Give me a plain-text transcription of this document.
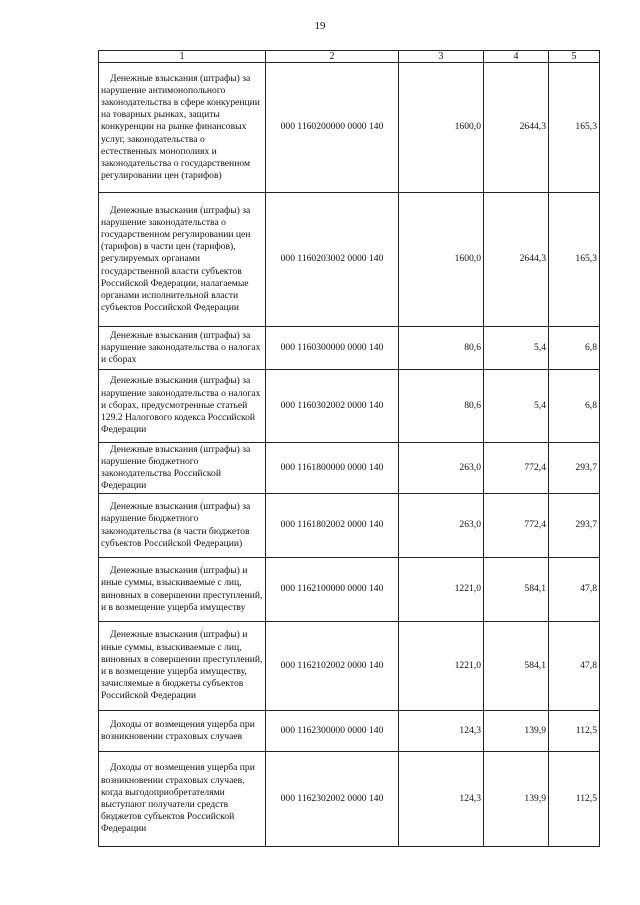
19
1	2	3	4	5
Денежные взыскания (штрафы) за нарушение антимонопольного законодательства в сфере конкуренции на товарных рынках, защиты конкуренции на рынке финансовых услуг, законодательства о естественных монополиях и законодательства о государственном регулировании цен (тарифов)	000 1160200000 0000 140	1600,0	2644,3	165,3
Денежные взыскания (штрафы) за нарушение законодательства о государственном регулировании цен (тарифов) в части цен (тарифов), регулируемых органами государственной власти субъектов Российской Федерации, налагаемые органами исполнительной власти субъектов Российской Федерации	000 1160203002 0000 140	1600,0	2644,3	165,3
Денежные взыскания (штрафы) за нарушение законодательства о налогах и сборах	000 1160300000 0000 140	80,6	5,4	6,8
Денежные взыскания (штрафы) за нарушение законодательства о налогах и сборах, предусмотренные статьей 129.2 Налогового кодекса Российской Федерации	000 1160302002 0000 140	80,6	5,4	6,8
Денежные взыскания (штрафы) за нарушение бюджетного законодательства Российской Федерации	000 1161800000 0000 140	263,0	772,4	293,7
Денежные взыскания (штрафы) за нарушение бюджетного законодательства (в части бюджетов субъектов Российской Федерации)	000 1161802002 0000 140	263,0	772,4	293,7
Денежные взыскания (штрафы) и иные суммы, взыскиваемые с лиц, виновных в совершении преступлений, и в возмещение ущерба имуществу	000 1162100000 0000 140	1221,0	584,1	47,8
Денежные взыскания (штрафы) и иные суммы, взыскиваемые с лиц, виновных в совершении преступлений, и в возмещение ущерба имуществу, зачисляемые в бюджеты субъектов Российской Федерации	000 1162102002 0000 140	1221,0	584,1	47,8
Доходы от возмещения ущерба при возникновении страховых случаев	000 1162300000 0000 140	124,3	139,9	112,5
Доходы от возмещения ущерба при возникновении страховых случаев, когда выгодоприобретателями выступают получатели средств бюджетов субъектов Российской Федерации	000 1162302002 0000 140	124,3	139,9	112,5
